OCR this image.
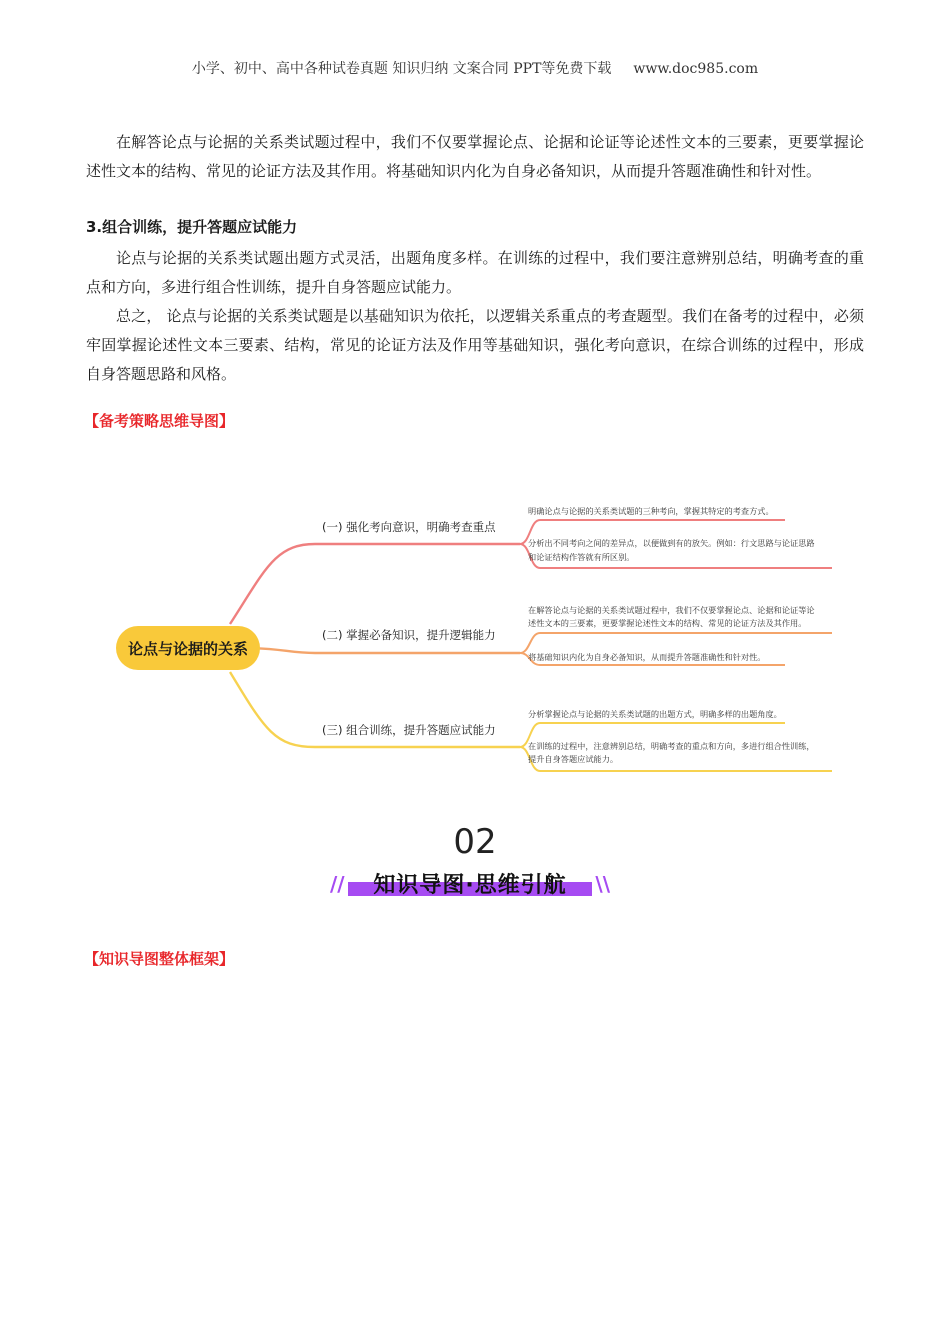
小学、初中、高中各种试卷真题 知识归纳 文案合同 PPT等免费下载 www.doc985.com

在解答论点与论据的关系类试题过程中，我们不仅要掌握论点、论据和论证等论述性文本的三要素，更要掌握论述性文本的结构、常见的论证方法及其作用。将基础知识内化为自身必备知识，从而提升答题准确性和针对性。

3.组合训练，提升答题应试能力

论点与论据的关系类试题出题方式灵活，出题角度多样。在训练的过程中，我们要注意辨别总结，明确考查的重点和方向，多进行组合性训练，提升自身答题应试能力。

总之， 论点与论据的关系类试题是以基础知识为依托，以逻辑关系重点的考查题型。我们在备考的过程中，必须牢固掌握论述性文本三要素、结构，常见的论证方法及作用等基础知识，强化考向意识，在综合训练的过程中，形成自身答题思路和风格。

【备考策略思维导图】

论点与论据的关系
(一) 强化考向意识，明确考查重点
(二) 掌握必备知识，提升逻辑能力
(三) 组合训练，提升答题应试能力
明确论点与论据的关系类试题的三种考向，掌握其特定的考查方式。
分析出不同考向之间的差异点，以便做到有的放矢。例如：行文思路与论证思路
和论证结构作答就有所区别。
在解答论点与论据的关系类试题过程中，我们不仅要掌握论点、论据和论证等论
述性文本的三要素，更要掌握论述性文本的结构、常见的论证方法及其作用。
将基础知识内化为自身必备知识，从而提升答题准确性和针对性。
分析掌握论点与论据的关系类试题的出题方式，明确多样的出题角度。
在训练的过程中，注意辨别总结，明确考查的重点和方向，多进行组合性训练，
提升自身答题应试能力。
02
//	知识导图·思维引航	\\

【知识导图整体框架】
